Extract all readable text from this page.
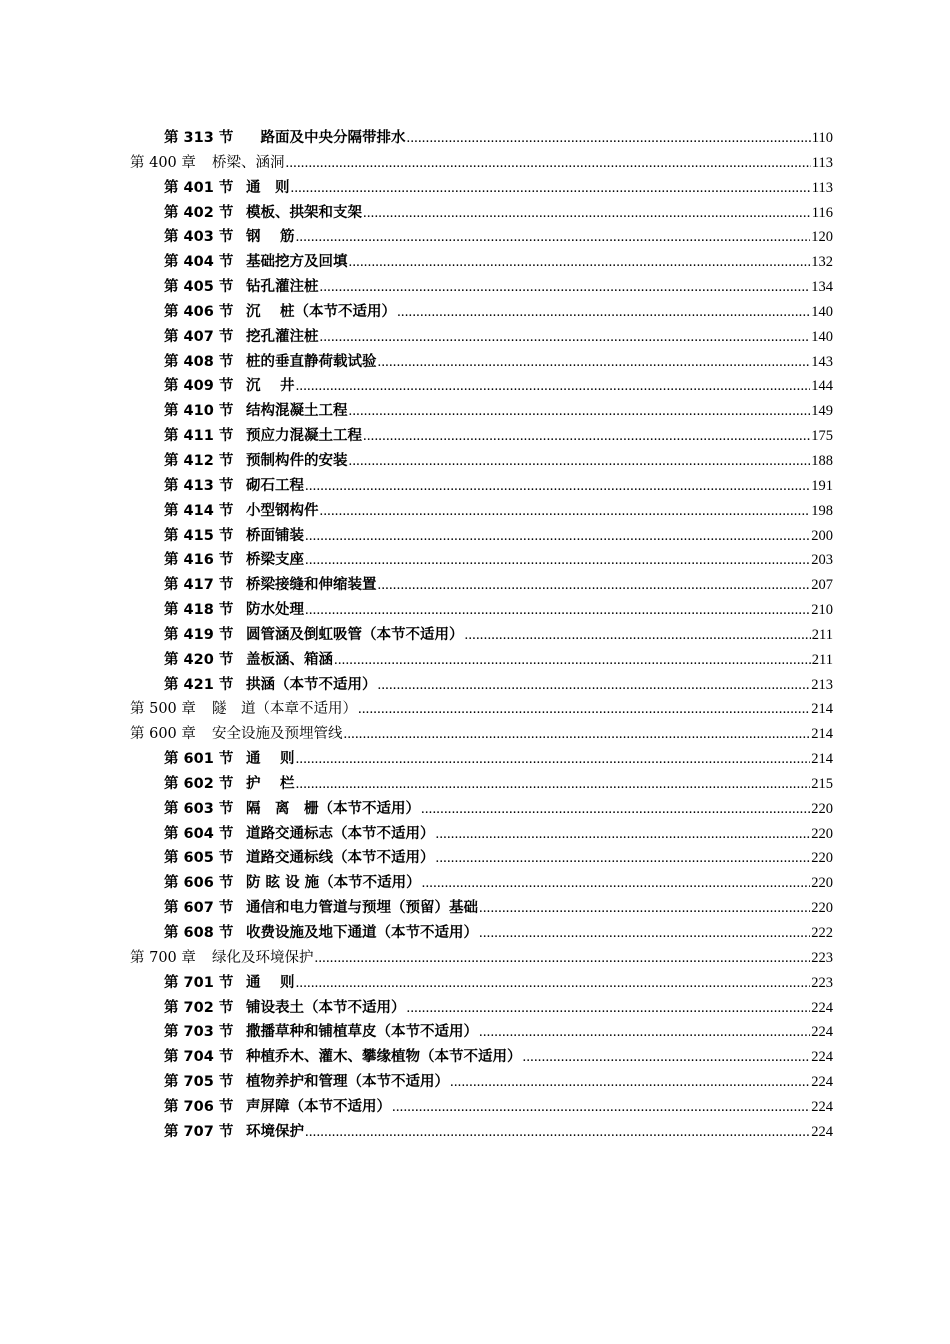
第 313 节 　路面及中央分隔带排水 .....	110
第 400 章	桥梁、涵洞 .....	113
第 401 节 通　则 .....	113
第 402 节 模板、拱架和支架 .....	116
第 403 节 钢　 筋 .....	120
第 404 节 基础挖方及回填 .....	132
第 405 节 钻孔灌注桩 .....	134
第 406 节 沉　 桩（本节不适用） .....	140
第 407 节 挖孔灌注桩 .....	140
第 408 节 桩的垂直静荷载试验 .....	143
第 409 节 沉　 井 .....	144
第 410 节 结构混凝土工程 .....	149
第 411 节 预应力混凝土工程 .....	175
第 412 节 预制构件的安装 .....	188
第 413 节 砌石工程 .....	191
第 414 节 小型钢构件 .....	198
第 415 节 桥面铺装 .....	200
第 416 节 桥梁支座 .....	203
第 417 节 桥梁接缝和伸缩装置 .....	207
第 418 节 防水处理 .....	210
第 419 节 圆管涵及倒虹吸管（本节不适用） .....	211
第 420 节 盖板涵、箱涵 .....	211
第 421 节 拱涵（本节不适用） .....	213
第 500 章	隧　道（本章不适用） .....	214
第 600 章	安全设施及预埋管线 .....	214
第 601 节 通　 则 .....	214
第 602 节 护　 栏 .....	215
第 603 节 隔　离　栅（本节不适用） .....	220
第 604 节 道路交通标志（本节不适用） .....	220
第 605 节 道路交通标线（本节不适用） .....	220
第 606 节 防 眩 设 施（本节不适用） .....	220
第 607 节 通信和电力管道与预埋（预留）基础 .....	220
第 608 节 收费设施及地下通道（本节不适用） .....	222
第 700 章	绿化及环境保护 .....	223
第 701 节 通　 则 .....	223
第 702 节 铺设表土（本节不适用） .....	224
第 703 节 撒播草种和铺植草皮（本节不适用） .....	224
第 704 节 种植乔木、灌木、攀缘植物（本节不适用） .....	224
第 705 节 植物养护和管理（本节不适用） .....	224
第 706 节 声屏障（本节不适用） .....	224
第 707 节 环境保护 .....	224
